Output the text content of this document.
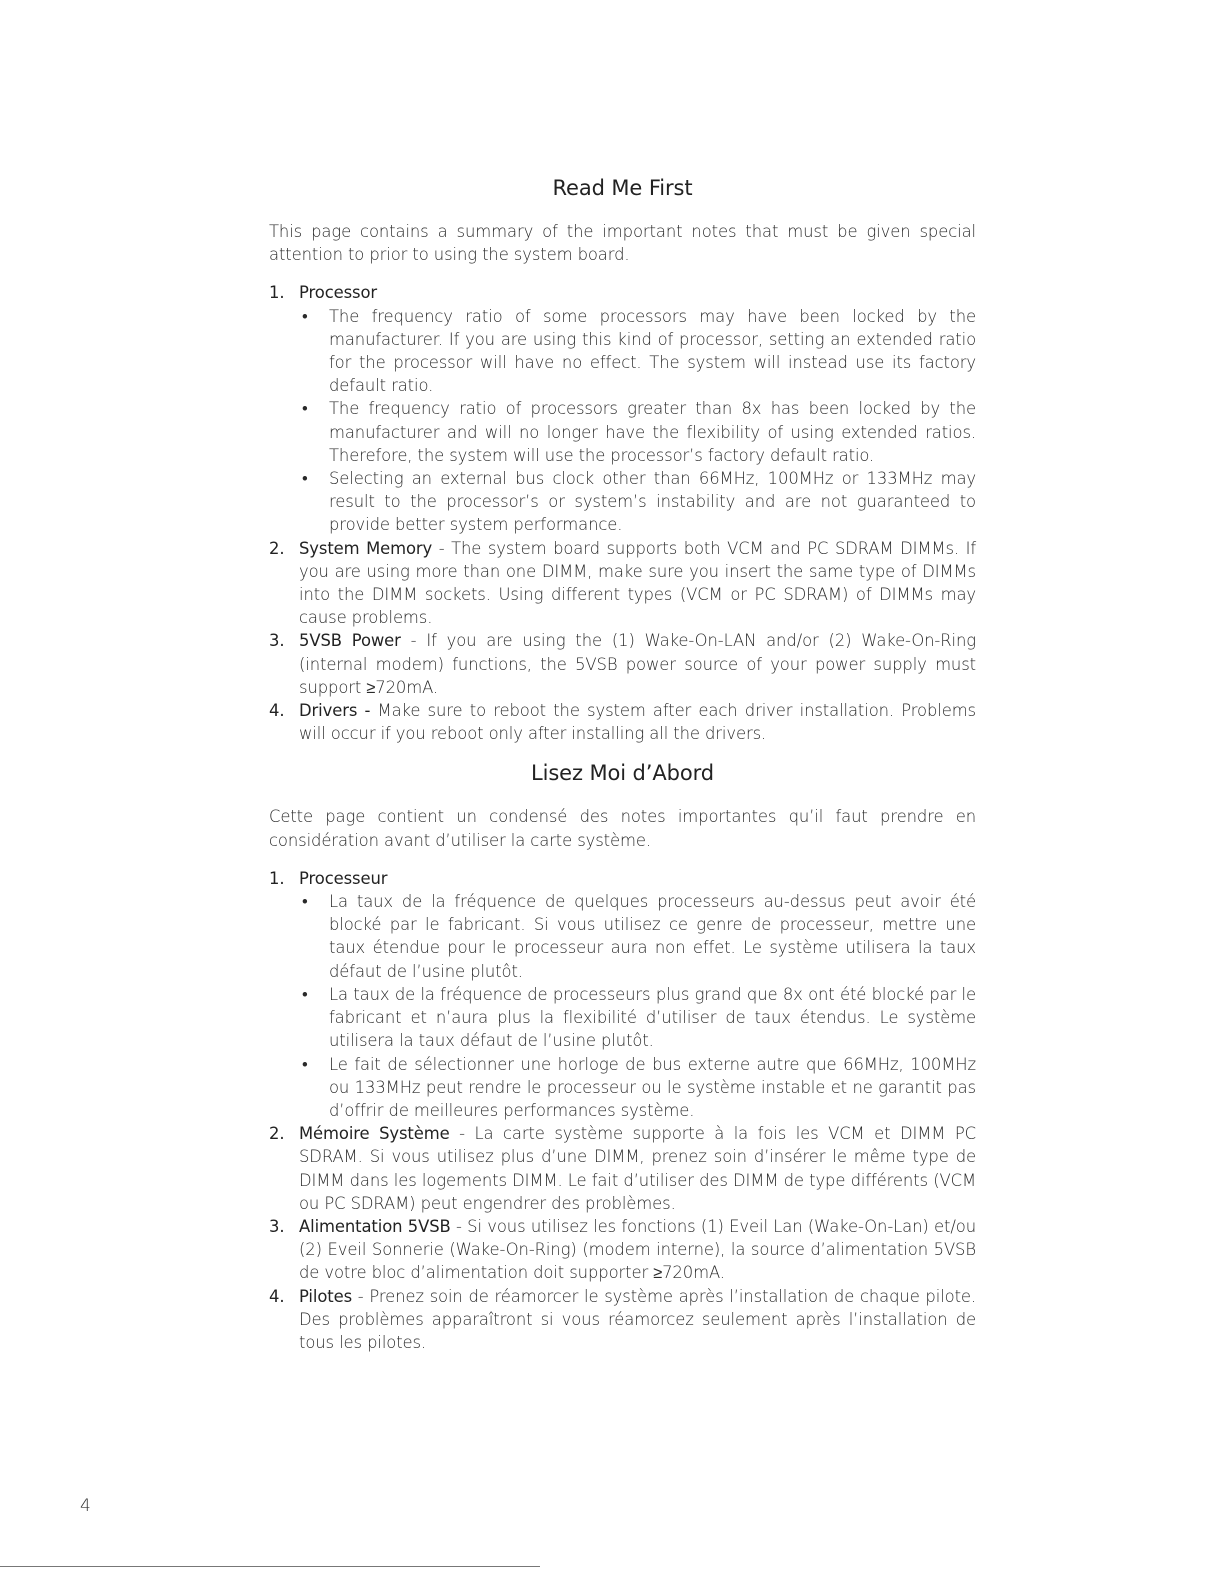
Read Me First

This page contains a summary of the important notes that must be given special attention to prior to using the system board.

1. Processor
• The frequency ratio of some processors may have been locked by the manufacturer. If you are using this kind of processor, setting an extended ratio for the processor will have no effect. The system will instead use its factory default ratio.
• The frequency ratio of processors greater than 8x has been locked by the manufacturer and will no longer have the flexibility of using extended ratios. Therefore, the system will use the processor’s factory default ratio.
• Selecting an external bus clock other than 66MHz, 100MHz or 133MHz may result to the processor’s or system’s instability and are not guaranteed to provide better system performance.
2. System Memory - The system board supports both VCM and PC SDRAM DIMMs. If you are using more than one DIMM, make sure you insert the same type of DIMMs into the DIMM sockets. Using different types (VCM or PC SDRAM) of DIMMs may cause problems.
3. 5VSB Power - If you are using the (1) Wake-On-LAN and/or (2) Wake-On-Ring (internal modem) functions, the 5VSB power source of your power supply must support ≥720mA.
4. Drivers - Make sure to reboot the system after each driver installation. Problems will occur if you reboot only after installing all the drivers.
Lisez Moi d’Abord

Cette page contient un condensé des notes importantes qu’il faut prendre en considération avant d’utiliser la carte système.

1. Processeur
• La taux de la fréquence de quelques processeurs au-dessus peut avoir été blocké par le fabricant. Si vous utilisez ce genre de processeur, mettre une taux étendue pour le processeur aura non effet. Le système utilisera la taux défaut de l’usine plutôt.
• La taux de la fréquence de processeurs plus grand que 8x ont été blocké par le fabricant et n’aura plus la flexibilité d’utiliser de taux étendus. Le système utilisera la taux défaut de l’usine plutôt.
• Le fait de sélectionner une horloge de bus externe autre que 66MHz, 100MHz ou 133MHz peut rendre le processeur ou le système instable et ne garantit pas d’offrir de meilleures performances système.
2. Mémoire Système - La carte système supporte à la fois les VCM et DIMM PC SDRAM. Si vous utilisez plus d’une DIMM, prenez soin d’insérer le même type de DIMM dans les logements DIMM. Le fait d’utiliser des DIMM de type différents (VCM ou PC SDRAM) peut engendrer des problèmes.
3. Alimentation 5VSB - Si vous utilisez les fonctions (1) Eveil Lan (Wake-On-Lan) et/ou (2) Eveil Sonnerie (Wake-On-Ring) (modem interne), la source d’alimentation 5VSB de votre bloc d’alimentation doit supporter ≥720mA.
4. Pilotes - Prenez soin de réamorcer le système après l’installation de chaque pilote. Des problèmes apparaîtront si vous réamorcez seulement après l’installation de tous les pilotes.
4
